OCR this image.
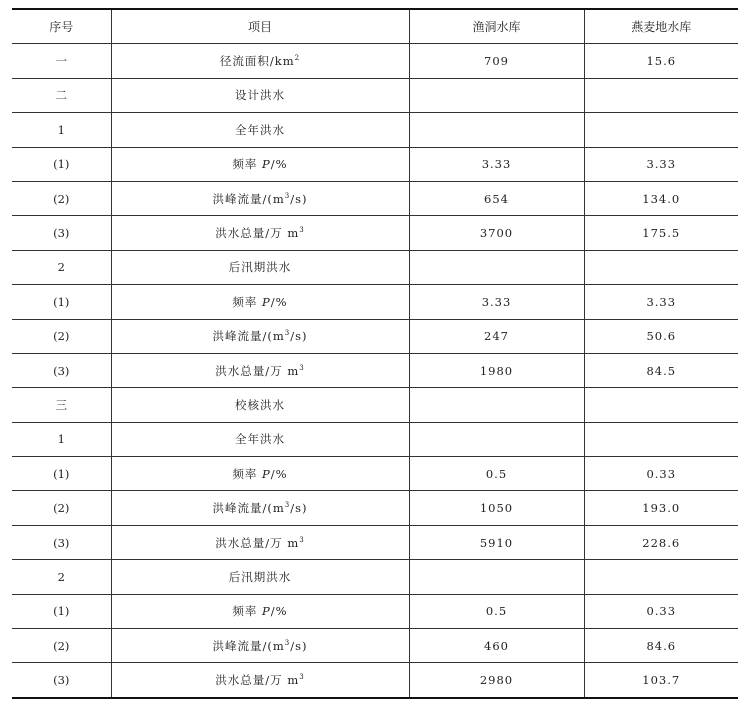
序号	项目	渔洞水库	燕麦地水库
一	径流面积$/km^2$	709	15.6
二	设计洪水		
1	全年洪水		
(1)	频率 P/%	3.33	3.33
(2)	洪峰流量$/(m^3/s)$	654	134.0
(3)	洪水总量/万 $m^3$	3700	175.5
2	后汛期洪水		
(1)	频率 P/%	3.33	3.33
(2)	洪峰流量$/(m^3/s)$	247	50.6
(3)	洪水总量/万 $m^3$	1980	84.5
三	校核洪水		
1	全年洪水		
(1)	频率 P/%	0.5	0.33
(2)	洪峰流量$/(m^3/s)$	1050	193.0
(3)	洪水总量/万 $m^3$	5910	228.6
2	后汛期洪水		
(1)	频率 P/%	0.5	0.33
(2)	洪峰流量$/(m^3/s)$	460	84.6
(3)	洪水总量/万 $m^3$	2980	103.7
